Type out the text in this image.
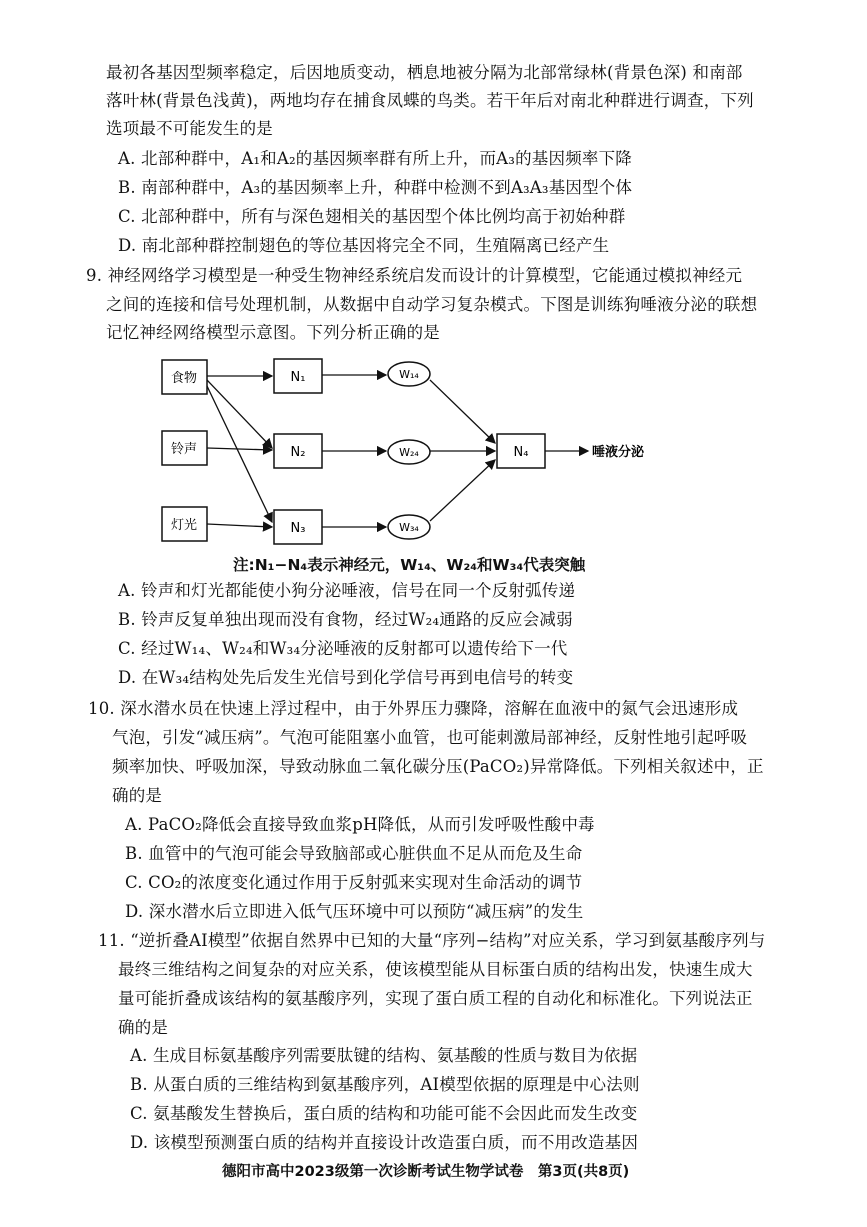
最初各基因型频率稳定，后因地质变动，栖息地被分隔为北部常绿林(背景色深) 和南部
落叶林(背景色浅黄)，两地均存在捕食凤蝶的鸟类。若干年后对南北种群进行调查，下列
选项最不可能发生的是
A. 北部种群中，A₁和A₂的基因频率群有所上升，而A₃的基因频率下降
B. 南部种群中，A₃的基因频率上升，种群中检测不到A₃A₃基因型个体
C. 北部种群中，所有与深色翅相关的基因型个体比例均高于初始种群
D. 南北部种群控制翅色的等位基因将完全不同，生殖隔离已经产生
9. 神经网络学习模型是一种受生物神经系统启发而设计的计算模型，它能通过模拟神经元
之间的连接和信号处理机制，从数据中自动学习复杂模式。下图是训练狗唾液分泌的联想
记忆神经网络模型示意图。下列分析正确的是
食物
铃声
灯光
N₁
N₂
N₃
N₄
W₁₄
W₂₄
W₃₄
唾液分泌
注:N₁−N₄表示神经元，W₁₄、W₂₄和W₃₄代表突触
A. 铃声和灯光都能使小狗分泌唾液，信号在同一个反射弧传递
B. 铃声反复单独出现而没有食物，经过W₂₄通路的反应会减弱
C. 经过W₁₄、W₂₄和W₃₄分泌唾液的反射都可以遗传给下一代
D. 在W₃₄结构处先后发生光信号到化学信号再到电信号的转变
10. 深水潜水员在快速上浮过程中，由于外界压力骤降，溶解在血液中的氮气会迅速形成
气泡，引发“减压病”。气泡可能阻塞小血管，也可能刺激局部神经，反射性地引起呼吸
频率加快、呼吸加深，导致动脉血二氧化碳分压(PaCO₂)异常降低。下列相关叙述中，正
确的是
A. PaCO₂降低会直接导致血浆pH降低，从而引发呼吸性酸中毒
B. 血管中的气泡可能会导致脑部或心脏供血不足从而危及生命
C. CO₂的浓度变化通过作用于反射弧来实现对生命活动的调节
D. 深水潜水后立即进入低气压环境中可以预防“减压病”的发生
11. “逆折叠AI模型”依据自然界中已知的大量“序列−结构”对应关系，学习到氨基酸序列与
最终三维结构之间复杂的对应关系，使该模型能从目标蛋白质的结构出发，快速生成大
量可能折叠成该结构的氨基酸序列，实现了蛋白质工程的自动化和标准化。下列说法正
确的是
A. 生成目标氨基酸序列需要肽键的结构、氨基酸的性质与数目为依据
B. 从蛋白质的三维结构到氨基酸序列，AI模型依据的原理是中心法则
C. 氨基酸发生替换后，蛋白质的结构和功能可能不会因此而发生改变
D. 该模型预测蛋白质的结构并直接设计改造蛋白质，而不用改造基因
德阳市高中2023级第一次诊断考试生物学试卷　第3页(共8页)
